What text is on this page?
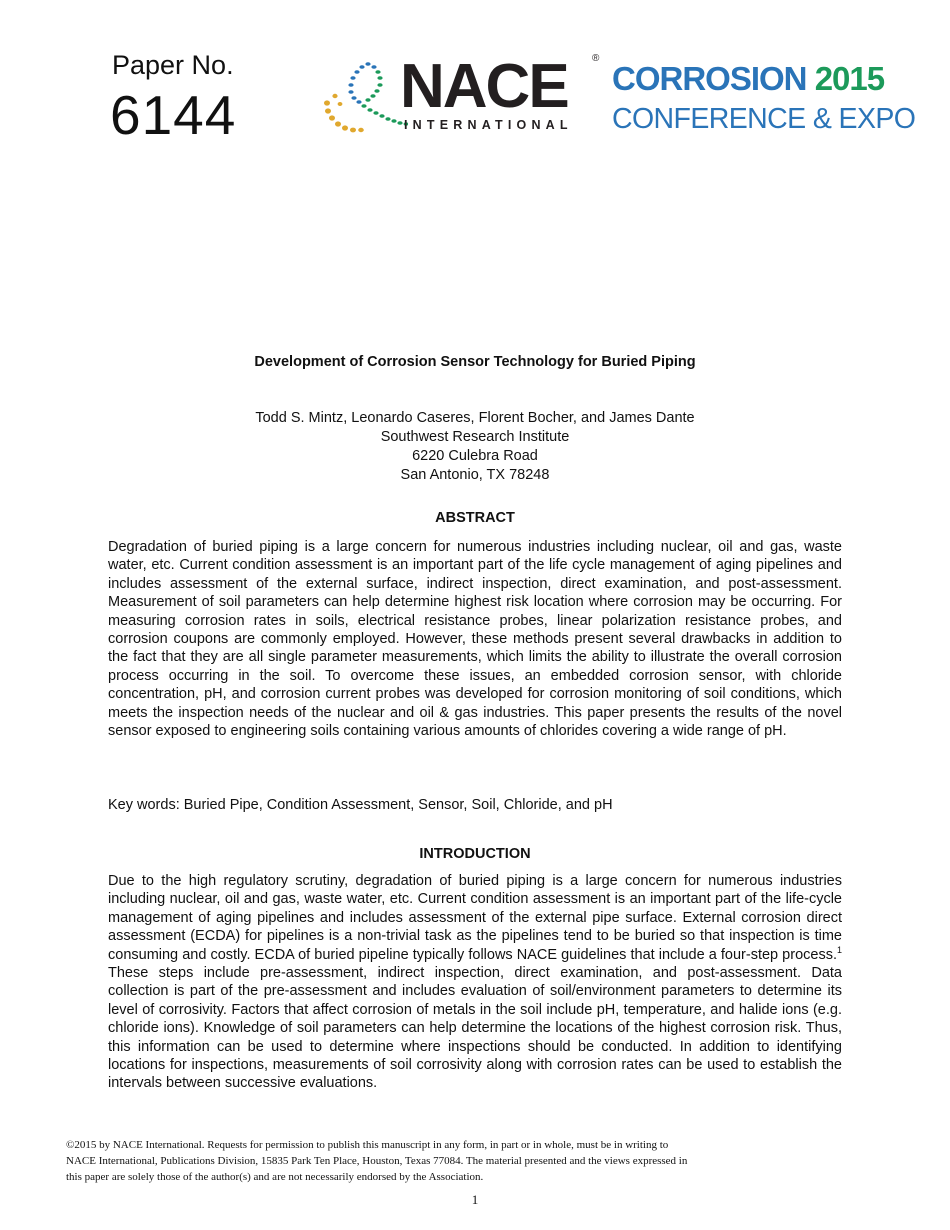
Paper No.
6144	NACE ®
INTERNATIONAL
CORROSION 2015
CONFERENCE & EXPO
Development of Corrosion Sensor Technology for Buried Piping
Todd S. Mintz, Leonardo Caseres, Florent Bocher, and James Dante
Southwest Research Institute
6220 Culebra Road
San Antonio, TX 78248
ABSTRACT
Degradation of buried piping is a large concern for numerous industries including nuclear, oil and gas, waste water, etc. Current condition assessment is an important part of the life cycle management of aging pipelines and includes assessment of the external surface, indirect inspection, direct examination, and post-assessment. Measurement of soil parameters can help determine highest risk location where corrosion may be occurring. For measuring corrosion rates in soils, electrical resistance probes, linear polarization resistance probes, and corrosion coupons are commonly employed. However, these methods present several drawbacks in addition to the fact that they are all single parameter measurements, which limits the ability to illustrate the overall corrosion process occurring in the soil. To overcome these issues, an embedded corrosion sensor, with chloride concentration, pH, and corrosion current probes was developed for corrosion monitoring of soil conditions, which meets the inspection needs of the nuclear and oil & gas industries. This paper presents the results of the novel sensor exposed to engineering soils containing various amounts of chlorides covering a wide range of pH.
Key words: Buried Pipe, Condition Assessment, Sensor, Soil, Chloride, and pH
INTRODUCTION
Due to the high regulatory scrutiny, degradation of buried piping is a large concern for numerous industries including nuclear, oil and gas, waste water, etc. Current condition assessment is an important part of the life-cycle management of aging pipelines and includes assessment of the external pipe surface. External corrosion direct assessment (ECDA) for pipelines is a non-trivial task as the pipelines tend to be buried so that inspection is time consuming and costly. ECDA of buried pipeline typically follows NACE guidelines that include a four-step process.$^1$ These steps include pre-assessment, indirect inspection, direct examination, and post-assessment. Data collection is part of the pre-assessment and includes evaluation of soil/environment parameters to determine its level of corrosivity. Factors that affect corrosion of metals in the soil include pH, temperature, and halide ions (e.g. chloride ions). Knowledge of soil parameters can help determine the locations of the highest corrosion risk. Thus, this information can be used to determine where inspections should be conducted. In addition to identifying locations for inspections, measurements of soil corrosivity along with corrosion rates can be used to establish the intervals between successive evaluations.
©2015 by NACE International. Requests for permission to publish this manuscript in any form, in part or in whole, must be in writing to
NACE International, Publications Division, 15835 Park Ten Place, Houston, Texas 77084. The material presented and the views expressed in
this paper are solely those of the author(s) and are not necessarily endorsed by the Association.
1
